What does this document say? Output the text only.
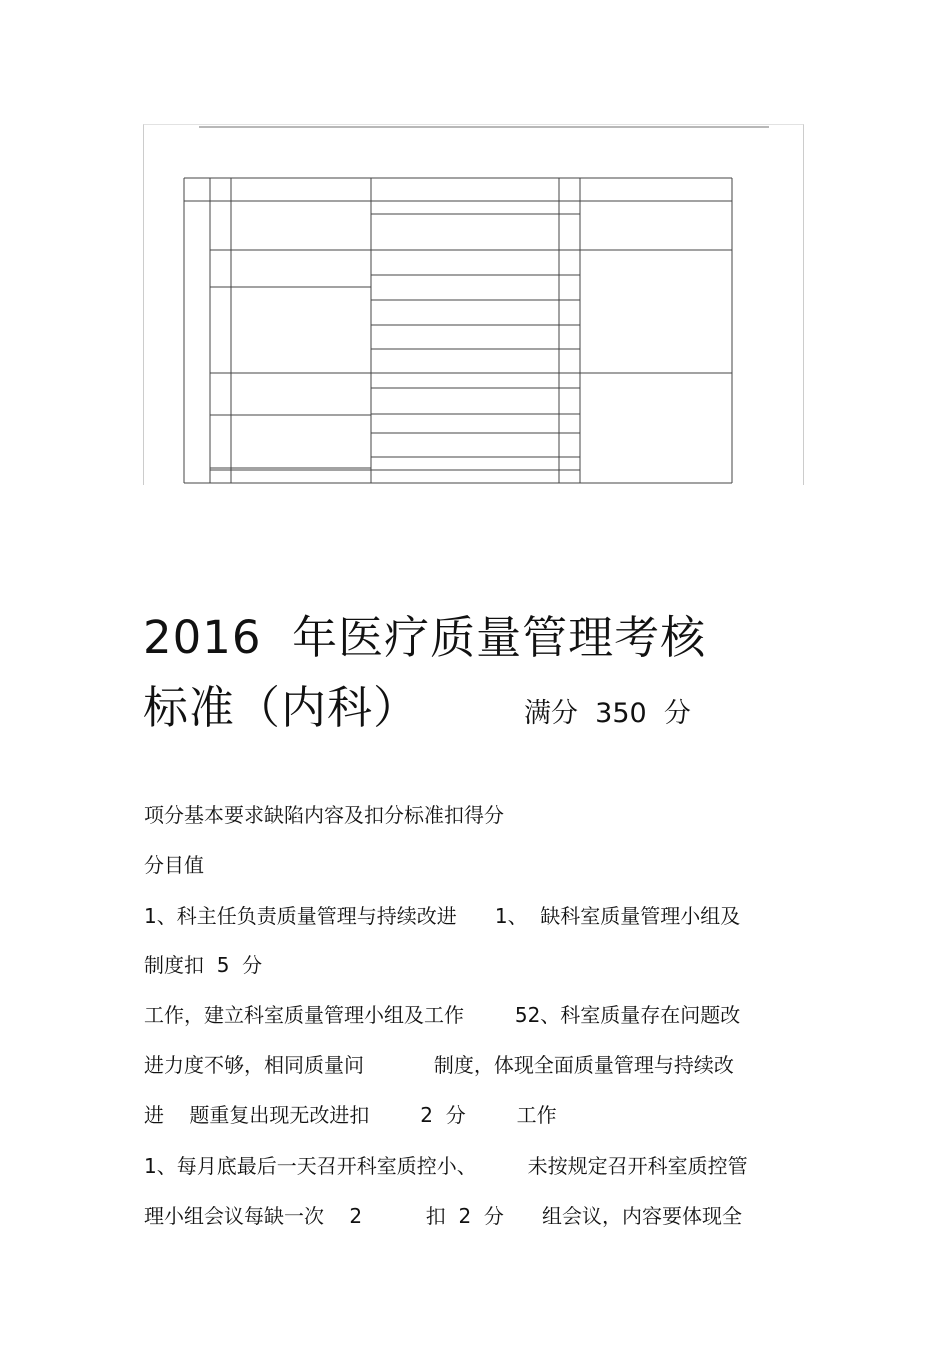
2016  年医疗质量管理考核
标准（内科）	满分  350  分
项分基本要求缺陷内容及扣分标准扣得分
分目值
1、科主任负责质量管理与持续改进      1、  缺科室质量管理小组及
制度扣  5  分
工作，建立科室质量管理小组及工作        52、科室质量存在问题改
进力度不够，相同质量问           制度，体现全面质量管理与持续改
进    题重复出现无改进扣        2  分        工作
1、每月底最后一天召开科室质控小、        未按规定召开科室质控管
理小组会议每缺一次    2          扣  2  分      组会议，内容要体现全
